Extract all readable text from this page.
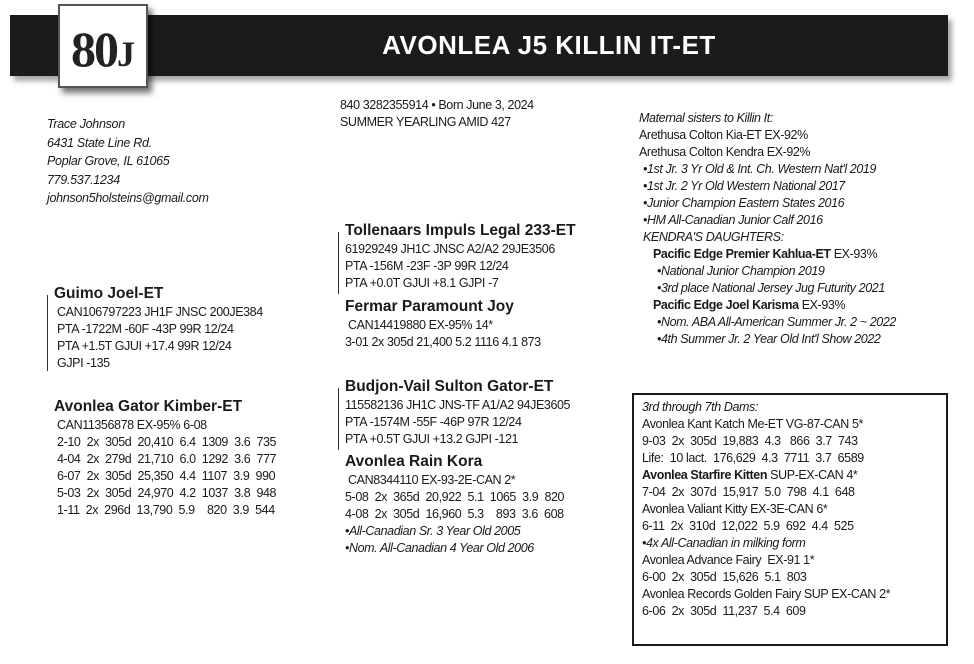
AVONLEA J5 KILLIN IT-ET
80J
Trace Johnson
6431 State Line Rd.
Poplar Grove, IL 61065
779.537.1234
johnson5holsteins@gmail.com
840 3282355914 • Born June 3, 2024
SUMMER YEARLING AMID 427
Tollenaars Impuls Legal 233-ET
61929249 JH1C JNSC A2/A2 29JE3506
PTA -156M -23F -3P 99R 12/24
PTA +0.0T GJUI +8.1 GJPI -7
Fermar Paramount Joy
CAN14419880 EX-95% 14*
3-01 2x 305d 21,400 5.2 1116 4.1 873
Guimo Joel-ET
CAN106797223 JH1F JNSC 200JE384
PTA -1722M -60F -43P 99R 12/24
PTA +1.5T GJUI +17.4 99R 12/24
GJPI -135
Avonlea Gator Kimber-ET
CAN11356878 EX-95% 6-08
2-10  2x  305d  20,410  6.4  1309  3.6  735
4-04  2x  279d  21,710  6.0  1292  3.6  777
6-07  2x  305d  25,350  4.4  1107  3.9  990
5-03  2x  305d  24,970  4.2  1037  3.8  948
1-11  2x  296d  13,790  5.9    820  3.9  544
Budjon-Vail Sulton Gator-ET
115582136 JH1C JNS-TF A1/A2 94JE3605
PTA -1574M -55F -46P 97R 12/24
PTA +0.5T GJUI +13.2 GJPI -121
Avonlea Rain Kora
CAN8344110 EX-93-2E-CAN 2*
5-08  2x  365d  20,922  5.1  1065  3.9  820
4-08  2x  305d  16,960  5.3    893  3.6  608
•All-Canadian Sr. 3 Year Old 2005
•Nom. All-Canadian 4 Year Old 2006
Maternal sisters to Killin It:
Arethusa Colton Kia-ET EX-92%
Arethusa Colton Kendra EX-92%
•1st Jr. 3 Yr Old & Int. Ch. Western Nat'l 2019
•1st Jr. 2 Yr Old Western National 2017
•Junior Champion Eastern States 2016
•HM All-Canadian Junior Calf 2016
KENDRA'S DAUGHTERS:
Pacific Edge Premier Kahlua-ET EX-93%
•National Junior Champion 2019
•3rd place National Jersey Jug Futurity 2021
Pacific Edge Joel Karisma EX-93%
•Nom. ABA All-American Summer Jr. 2 ~ 2022
•4th Summer Jr. 2 Year Old Int'l Show 2022
3rd through 7th Dams:
Avonlea Kant Katch Me-ET VG-87-CAN 5*
9-03  2x  305d  19,883  4.3   866  3.7  743
Life:  10 lact.  176,629  4.3  7711  3.7  6589
Avonlea Starfire Kitten SUP-EX-CAN 4*
7-04  2x  307d  15,917  5.0  798  4.1  648
Avonlea Valiant Kitty EX-3E-CAN 6*
6-11  2x  310d  12,022  5.9  692  4.4  525
•4x All-Canadian in milking form
Avonlea Advance Fairy  EX-91 1*
6-00  2x  305d  15,626  5.1  803
Avonlea Records Golden Fairy SUP EX-CAN 2*
6-06  2x  305d  11,237  5.4  609
